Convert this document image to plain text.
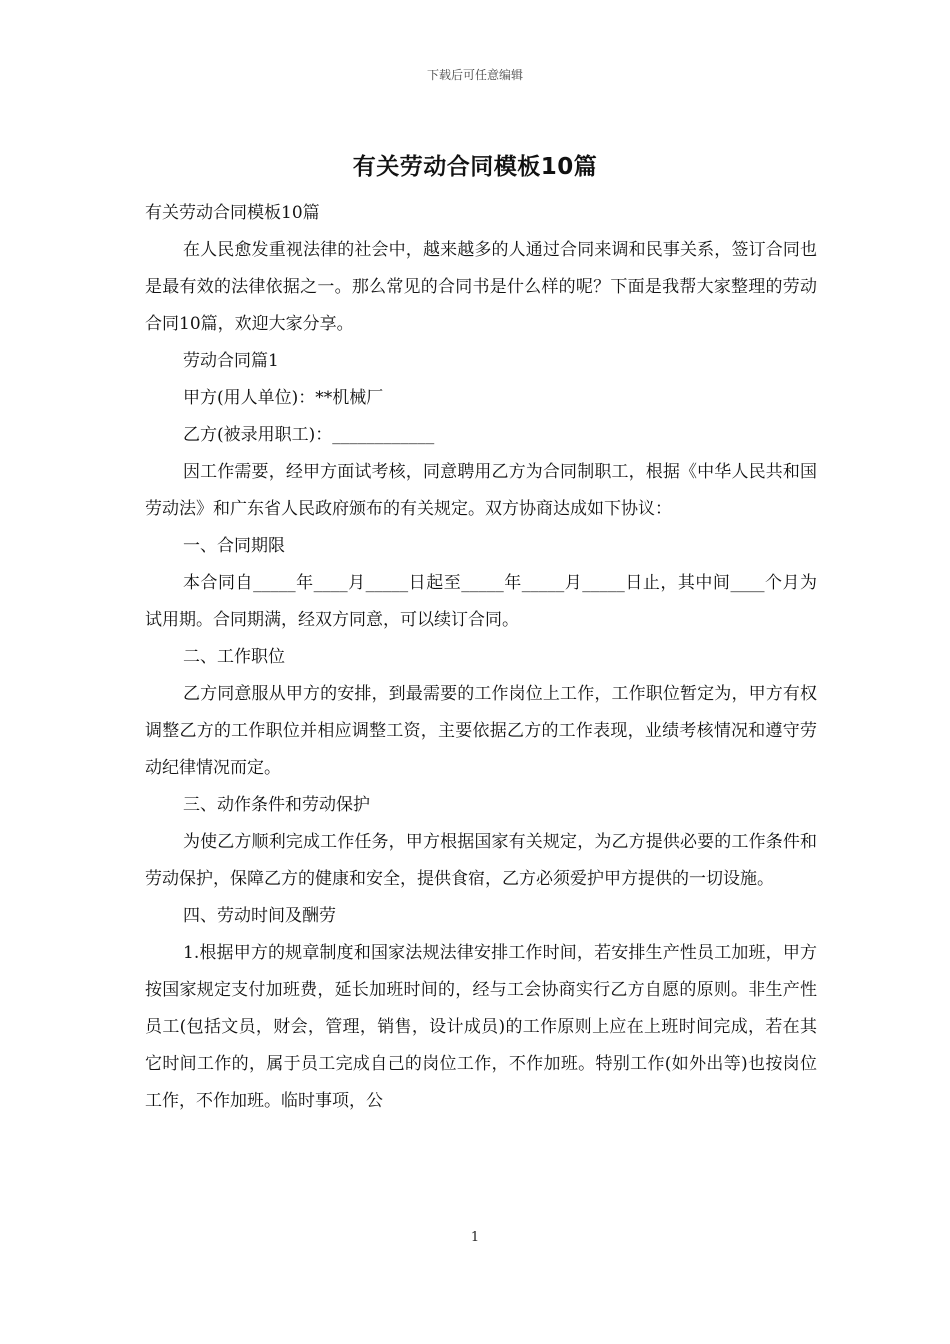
下载后可任意编辑
有关劳动合同模板10篇

有关劳动合同模板10篇

在人民愈发重视法律的社会中，越来越多的人通过合同来调和民事关系，签订合同也是最有效的法律依据之一。那么常见的合同书是什么样的呢？下面是我帮大家整理的劳动合同10篇，欢迎大家分享。

劳动合同篇1

甲方(用人单位)：**机械厂

乙方(被录用职工)：____________

因工作需要，经甲方面试考核，同意聘用乙方为合同制职工，根据《中华人民共和国劳动法》和广东省人民政府颁布的有关规定。双方协商达成如下协议：

一、合同期限

本合同自_____年____月_____日起至_____年_____月_____日止，其中间____个月为试用期。合同期满，经双方同意，可以续订合同。

二、工作职位

乙方同意服从甲方的安排，到最需要的工作岗位上工作，工作职位暂定为，甲方有权调整乙方的工作职位并相应调整工资，主要依据乙方的工作表现，业绩考核情况和遵守劳动纪律情况而定。

三、动作条件和劳动保护

为使乙方顺利完成工作任务，甲方根据国家有关规定，为乙方提供必要的工作条件和劳动保护，保障乙方的健康和安全，提供食宿，乙方必须爱护甲方提供的一切设施。

四、劳动时间及酬劳

1.根据甲方的规章制度和国家法规法律安排工作时间，若安排生产性员工加班，甲方按国家规定支付加班费，延长加班时间的，经与工会协商实行乙方自愿的原则。非生产性员工(包括文员，财会，管理，销售，设计成员)的工作原则上应在上班时间完成，若在其它时间工作的，属于员工完成自己的岗位工作，不作加班。特别工作(如外出等)也按岗位工作，不作加班。临时事项，公

1
